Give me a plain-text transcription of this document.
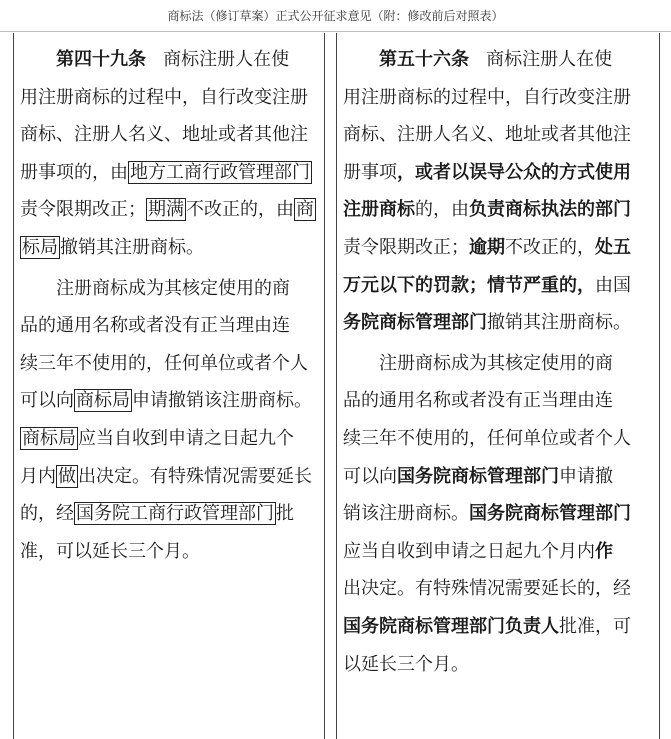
商标法（修订草案）正式公开征求意见（附：修改前后对照表）
第四十九条 商标注册人在使
用注册商标的过程中，自行改变注册
商标、注册人名义、地址或者其他注
册事项的，由 地方工商行政管理部门
责令限期改正； 期满 不改正的，由 商
标局 撤销其注册商标。
注册商标成为其核定使用的商
品的通用名称或者没有正当理由连
续三年不使用的，任何单位或者个人
可以向 商标局 申请撤销该注册商标。
商标局 应当自收到申请之日起九个
月内 做 出决定。有特殊情况需要延长
的，经 国务院工商行政管理部门 批
准，可以延长三个月。
第五十六条 商标注册人在使
用注册商标的过程中，自行改变注册
商标、注册人名义、地址或者其他注
册事项，或者以误导公众的方式使用
注册商标的，由负责商标执法的部门
责令限期改正；逾期不改正的，处五
万元以下的罚款；情节严重的，由国
务院商标管理部门撤销其注册商标。
注册商标成为其核定使用的商
品的通用名称或者没有正当理由连
续三年不使用的，任何单位或者个人
可以向国务院商标管理部门申请撤
销该注册商标。国务院商标管理部门
应当自收到申请之日起九个月内作
出决定。有特殊情况需要延长的，经
国务院商标管理部门负责人批准，可
以延长三个月。
